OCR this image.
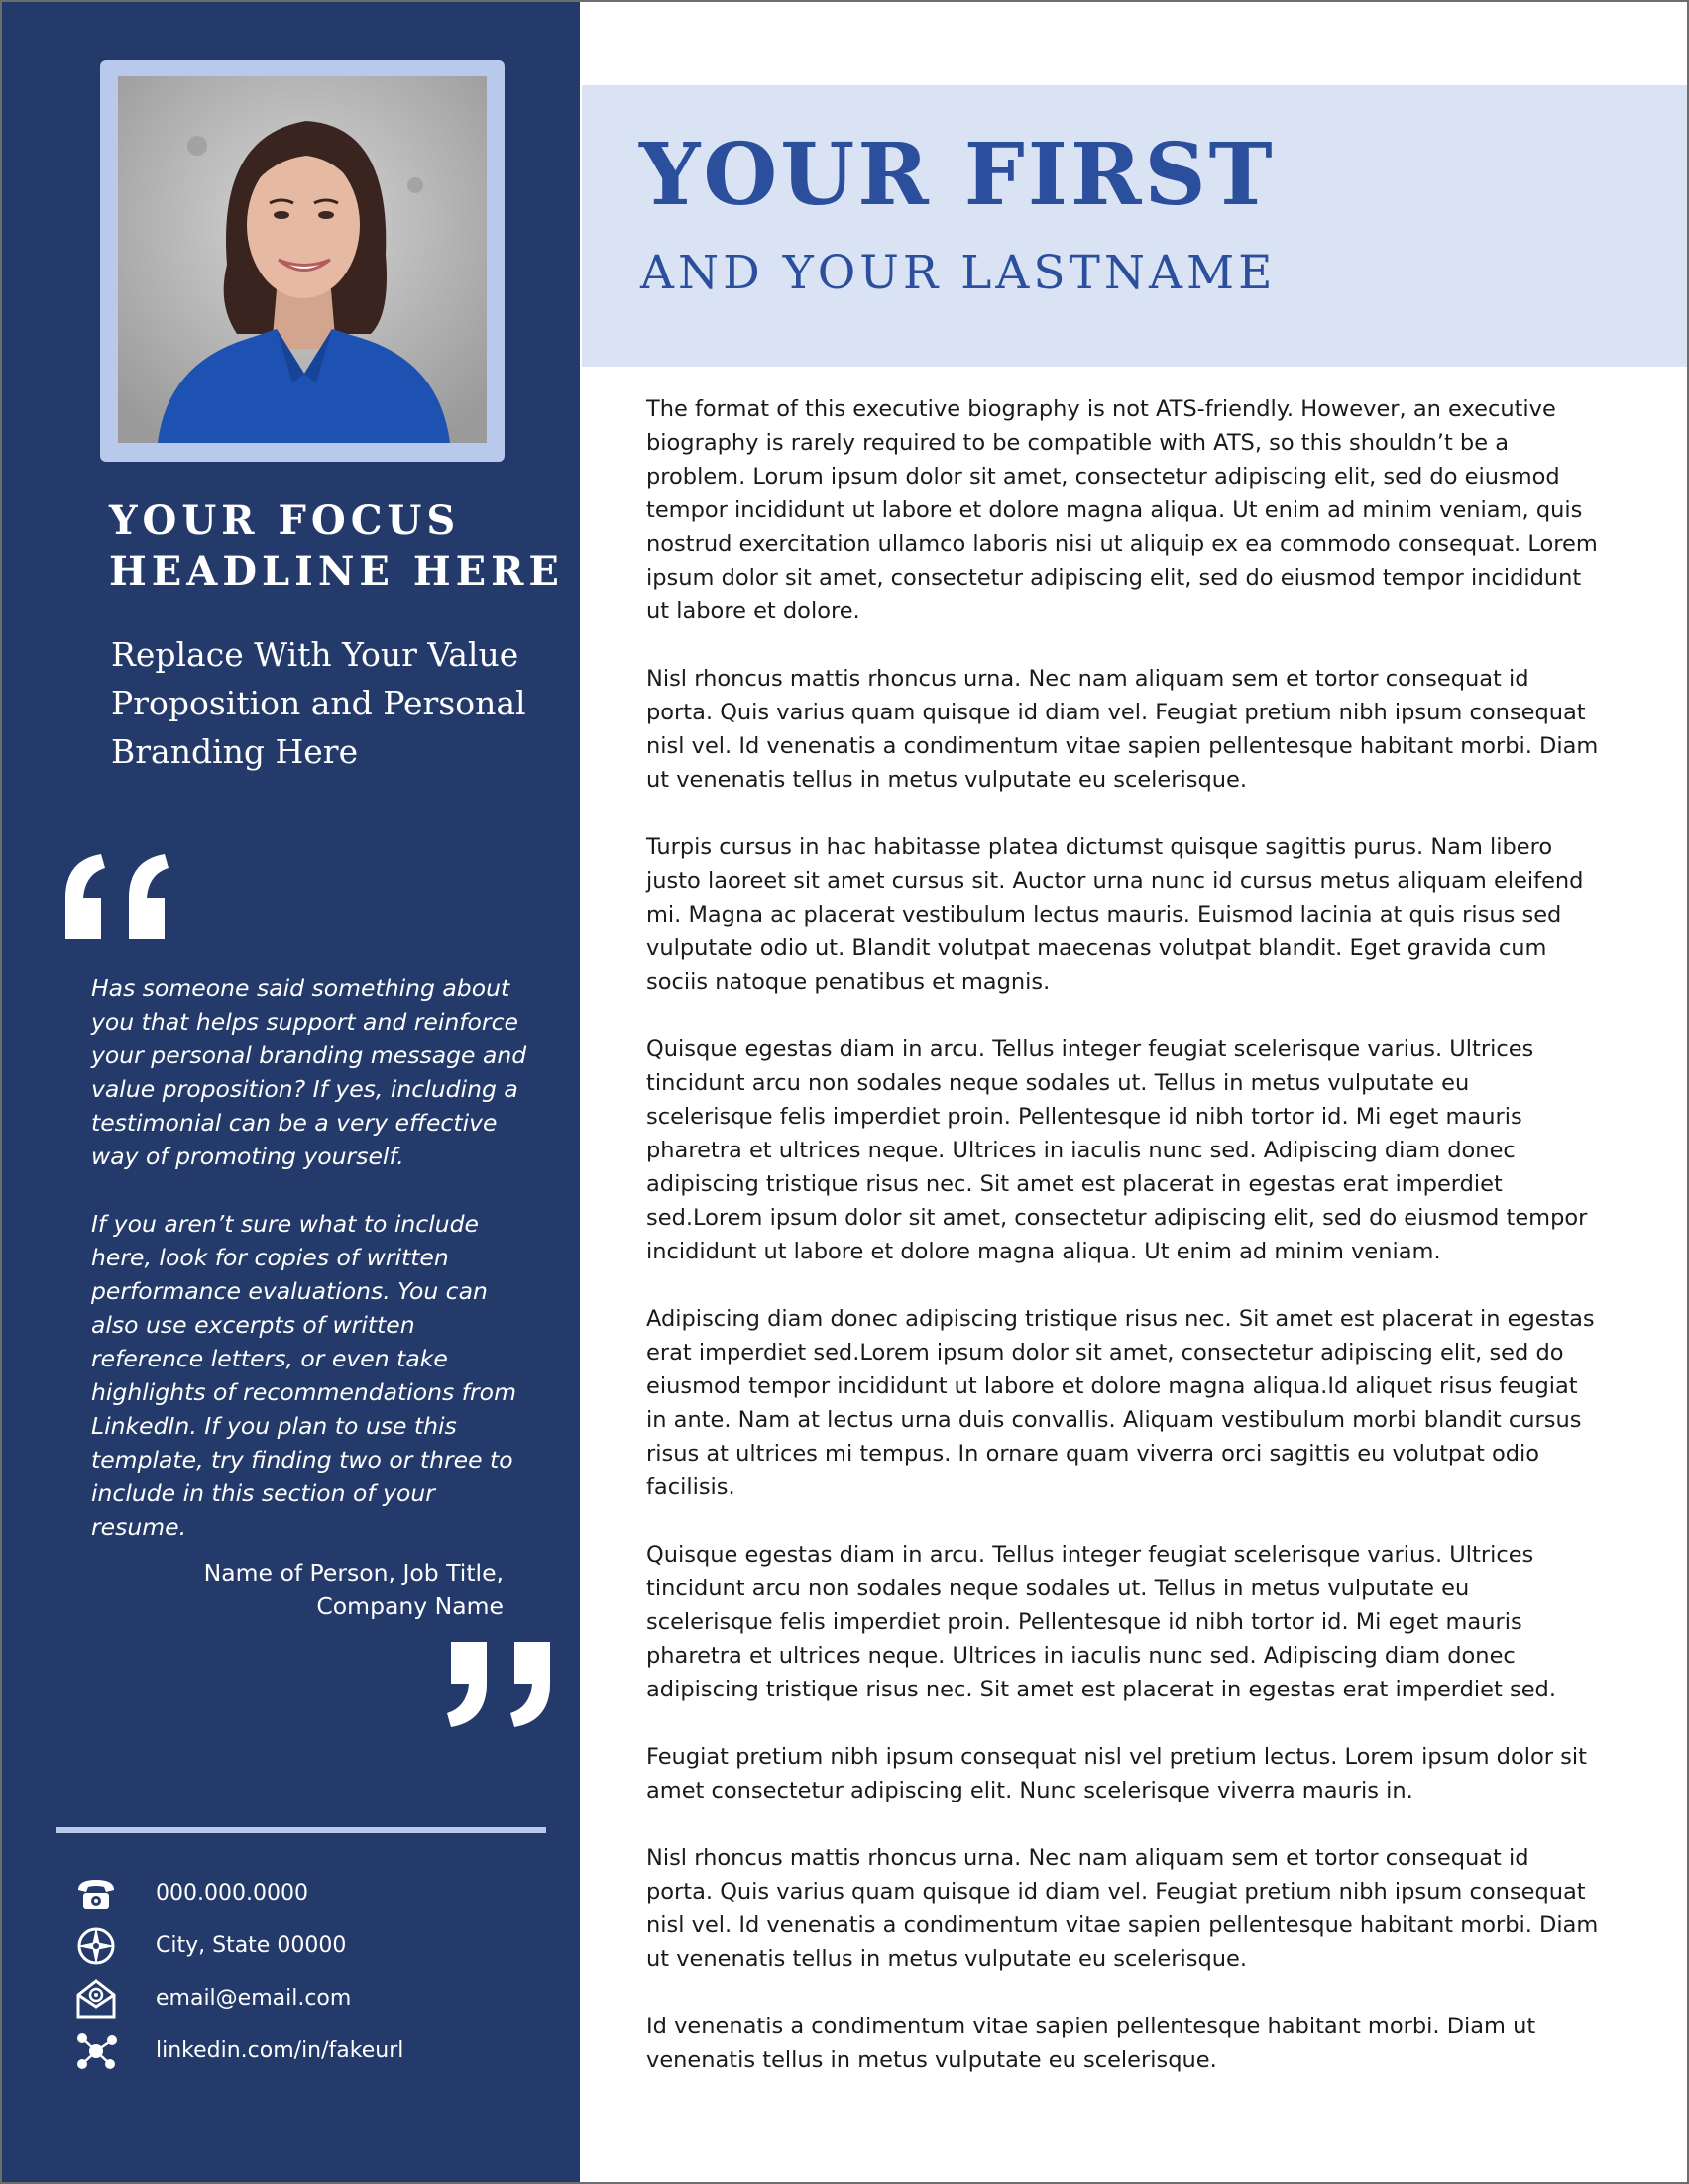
YOUR FOCUS
HEADLINE HERE
Replace With Your Value
Proposition and Personal
Branding Here
Has someone said something about
you that helps support and reinforce
your personal branding message and
value proposition? If yes, including a
testimonial can be a very effective
way of promoting yourself.
If you aren’t sure what to include
here, look for copies of written
performance evaluations. You can
also use excerpts of written
reference letters, or even take
highlights of recommendations from
LinkedIn. If you plan to use this
template, try finding two or three to
include in this section of your
resume.
Name of Person, Job Title,
Company Name
000.000.0000
City, State 00000
email@email.com
linkedin.com/in/fakeurl
YOUR FIRST
AND YOUR LASTNAME
The format of this executive biography is not ATS-friendly. However, an executive
biography is rarely required to be compatible with ATS, so this shouldn’t be a
problem. Lorum ipsum dolor sit amet, consectetur adipiscing elit, sed do eiusmod
tempor incididunt ut labore et dolore magna aliqua. Ut enim ad minim veniam, quis
nostrud exercitation ullamco laboris nisi ut aliquip ex ea commodo consequat. Lorem
ipsum dolor sit amet, consectetur adipiscing elit, sed do eiusmod tempor incididunt
ut labore et dolore.
Nisl rhoncus mattis rhoncus urna. Nec nam aliquam sem et tortor consequat id
porta. Quis varius quam quisque id diam vel. Feugiat pretium nibh ipsum consequat
nisl vel. Id venenatis a condimentum vitae sapien pellentesque habitant morbi. Diam
ut venenatis tellus in metus vulputate eu scelerisque.
Turpis cursus in hac habitasse platea dictumst quisque sagittis purus. Nam libero
justo laoreet sit amet cursus sit. Auctor urna nunc id cursus metus aliquam eleifend
mi. Magna ac placerat vestibulum lectus mauris. Euismod lacinia at quis risus sed
vulputate odio ut. Blandit volutpat maecenas volutpat blandit. Eget gravida cum
sociis natoque penatibus et magnis.
Quisque egestas diam in arcu. Tellus integer feugiat scelerisque varius. Ultrices
tincidunt arcu non sodales neque sodales ut. Tellus in metus vulputate eu
scelerisque felis imperdiet proin. Pellentesque id nibh tortor id. Mi eget mauris
pharetra et ultrices neque. Ultrices in iaculis nunc sed. Adipiscing diam donec
adipiscing tristique risus nec. Sit amet est placerat in egestas erat imperdiet
sed.Lorem ipsum dolor sit amet, consectetur adipiscing elit, sed do eiusmod tempor
incididunt ut labore et dolore magna aliqua. Ut enim ad minim veniam.
Adipiscing diam donec adipiscing tristique risus nec. Sit amet est placerat in egestas
erat imperdiet sed.Lorem ipsum dolor sit amet, consectetur adipiscing elit, sed do
eiusmod tempor incididunt ut labore et dolore magna aliqua.Id aliquet risus feugiat
in ante. Nam at lectus urna duis convallis. Aliquam vestibulum morbi blandit cursus
risus at ultrices mi tempus. In ornare quam viverra orci sagittis eu volutpat odio
facilisis.
Quisque egestas diam in arcu. Tellus integer feugiat scelerisque varius. Ultrices
tincidunt arcu non sodales neque sodales ut. Tellus in metus vulputate eu
scelerisque felis imperdiet proin. Pellentesque id nibh tortor id. Mi eget mauris
pharetra et ultrices neque. Ultrices in iaculis nunc sed. Adipiscing diam donec
adipiscing tristique risus nec. Sit amet est placerat in egestas erat imperdiet sed.
Feugiat pretium nibh ipsum consequat nisl vel pretium lectus. Lorem ipsum dolor sit
amet consectetur adipiscing elit. Nunc scelerisque viverra mauris in.
Nisl rhoncus mattis rhoncus urna. Nec nam aliquam sem et tortor consequat id
porta. Quis varius quam quisque id diam vel. Feugiat pretium nibh ipsum consequat
nisl vel. Id venenatis a condimentum vitae sapien pellentesque habitant morbi. Diam
ut venenatis tellus in metus vulputate eu scelerisque.
Id venenatis a condimentum vitae sapien pellentesque habitant morbi. Diam ut
venenatis tellus in metus vulputate eu scelerisque.
